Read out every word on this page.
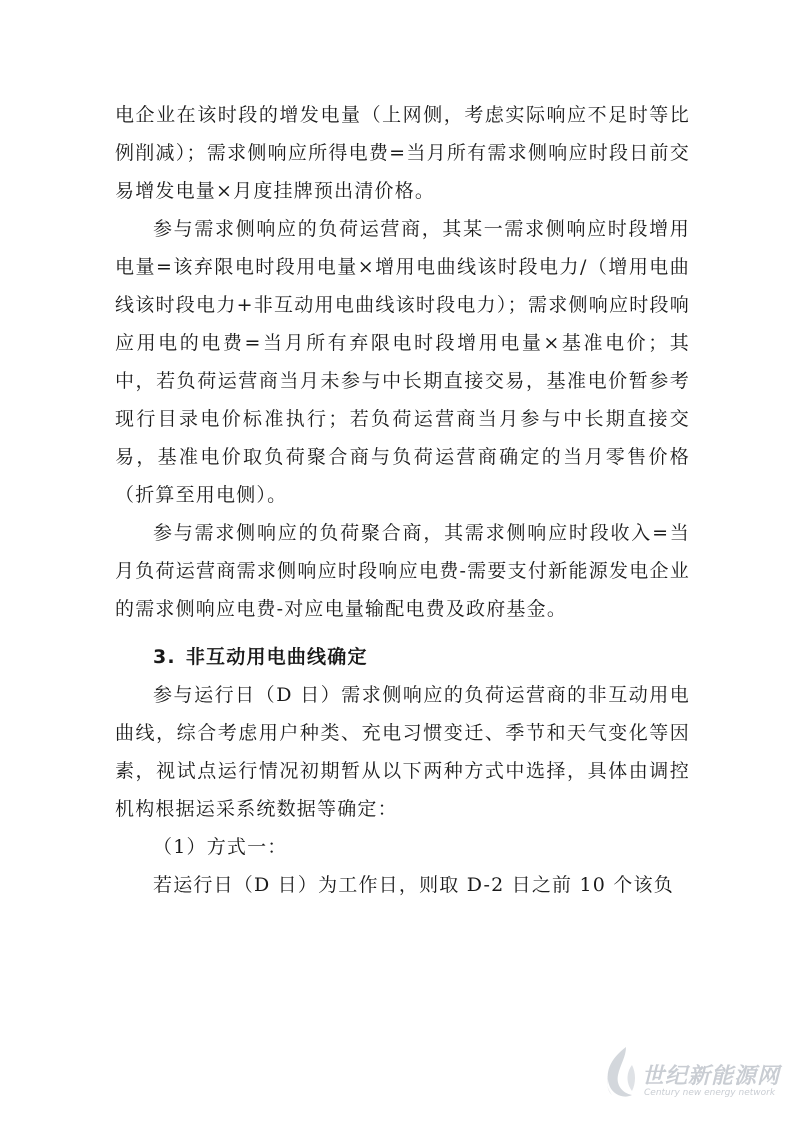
电企业在该时段的增发电量（上网侧，考虑实际响应不足时等比例削减）；需求侧响应所得电费=当月所有需求侧响应时段日前交易增发电量×月度挂牌预出清价格。

参与需求侧响应的负荷运营商，其某一需求侧响应时段增用电量=该弃限电时段用电量×增用电曲线该时段电力/（增用电曲线该时段电力+非互动用电曲线该时段电力）；需求侧响应时段响应用电的电费=当月所有弃限电时段增用电量×基准电价；其中，若负荷运营商当月未参与中长期直接交易，基准电价暂参考现行目录电价标准执行；若负荷运营商当月参与中长期直接交易，基准电价取负荷聚合商与负荷运营商确定的当月零售价格（折算至用电侧）。

参与需求侧响应的负荷聚合商，其需求侧响应时段收入=当月负荷运营商需求侧响应时段响应电费-需要支付新能源发电企业的需求侧响应电费-对应电量输配电费及政府基金。

3. 非互动用电曲线确定

参与运行日（D 日）需求侧响应的负荷运营商的非互动用电曲线，综合考虑用户种类、充电习惯变迁、季节和天气变化等因素，视试点运行情况初期暂从以下两种方式中选择，具体由调控机构根据运采系统数据等确定：

（1）方式一：

若运行日（D 日）为工作日，则取 D-2 日之前 10 个该负

世纪新能源网
Century new energy network
